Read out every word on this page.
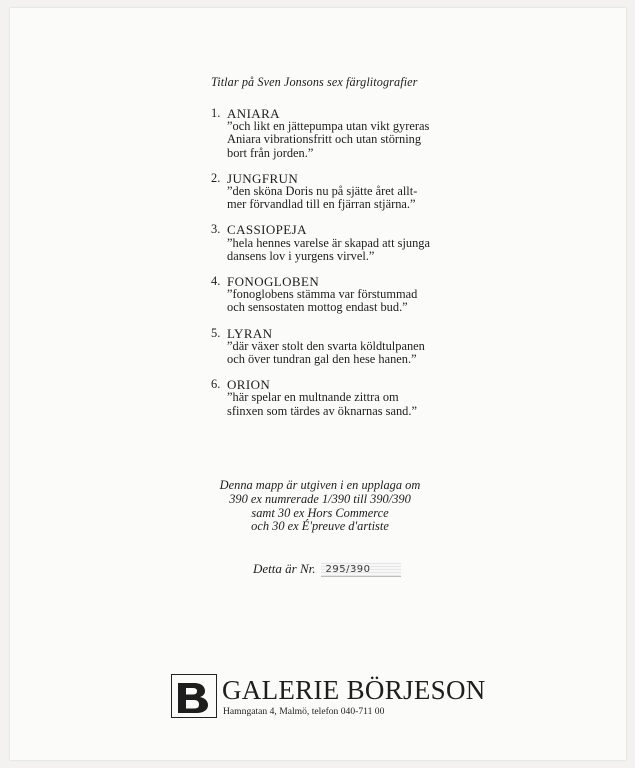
Titlar på Sven Jonsons sex färglitografier
1. ANIARA
”och likt en jättepumpa utan vikt gyreras
Aniara vibrationsfritt och utan störning
bort från jorden.”
2. JUNGFRUN
”den sköna Doris nu på sjätte året allt-
mer förvandlad till en fjärran stjärna.”
3. CASSIOPEJA
”hela hennes varelse är skapad att sjunga
dansens lov i yurgens virvel.”
4. FONOGLOBEN
”fonoglobens stämma var förstummad
och sensostaten mottog endast bud.”
5. LYRAN
”där växer stolt den svarta köldtulpanen
och över tundran gal den hese hanen.”
6. ORION
”här spelar en multnande zittra om
sfinxen som tärdes av öknarnas sand.”
Denna mapp är utgiven i en upplaga om
390 ex numrerade 1/390 till 390/390
samt 30 ex Hors Commerce
och 30 ex É'preuve d'artiste
Detta är Nr.	295/390
GALERIE BÖRJESON
Hamngatan 4, Malmö, telefon 040-711 00
